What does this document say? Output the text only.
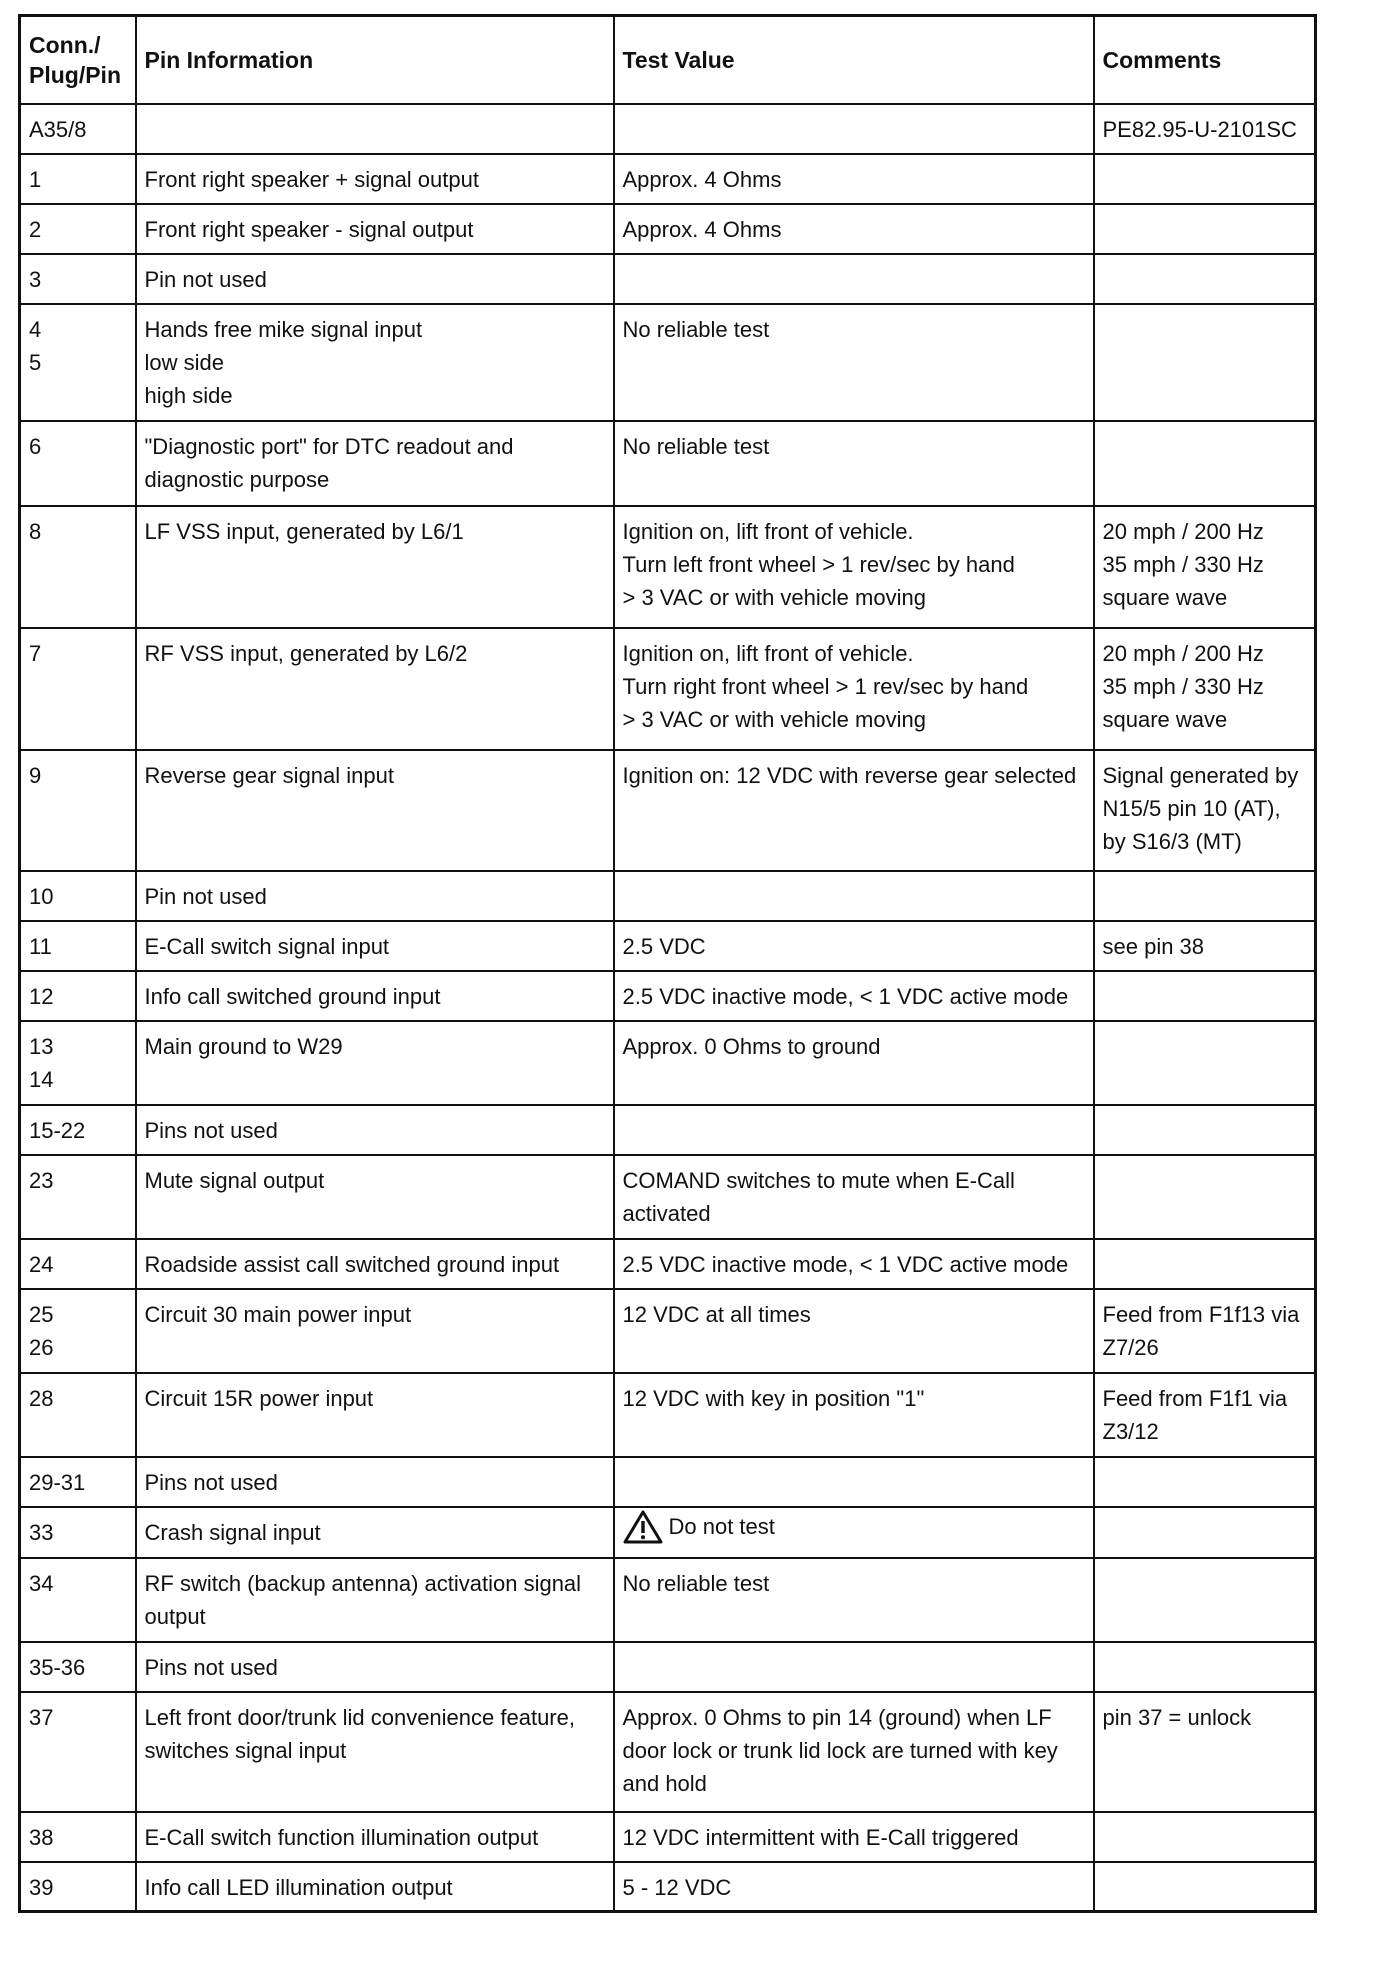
Conn./
Plug/Pin	Pin Information	Test Value	Comments

A35/8			PE82.95-U-2101SC

1	Front right speaker + signal output	Approx. 4 Ohms	

2	Front right speaker - signal output	Approx. 4 Ohms	

3	Pin not used		

4
5	Hands free mike signal input
low side
high side	No reliable test	

6	"Diagnostic port" for DTC readout and
diagnostic purpose	No reliable test	

8	LF VSS input, generated by L6/1	Ignition on, lift front of vehicle.
Turn left front wheel > 1 rev/sec by hand
> 3 VAC or with vehicle moving	20 mph / 200 Hz
35 mph / 330 Hz
square wave

7	RF VSS input, generated by L6/2	Ignition on, lift front of vehicle.
Turn right front wheel > 1 rev/sec by hand
> 3 VAC or with vehicle moving	20 mph / 200 Hz
35 mph / 330 Hz
square wave

9	Reverse gear signal input	Ignition on: 12 VDC with reverse gear selected	Signal generated by
N15/5 pin 10 (AT),
by S16/3 (MT)

10	Pin not used		

11	E-Call switch signal input	2.5 VDC	see pin 38

12	Info call switched ground input	2.5 VDC inactive mode, < 1 VDC active mode	

13
14	Main ground to W29	Approx. 0 Ohms to ground	

15-22	Pins not used		

23	Mute signal output	COMAND switches to mute when E-Call
activated	

24	Roadside assist call switched ground input	2.5 VDC inactive mode, < 1 VDC active mode	

25
26	Circuit 30 main power input	12 VDC at all times	Feed from F1f13 via
Z7/26

28	Circuit 15R power input	12 VDC with key in position "1"	Feed from F1f1 via
Z3/12

29-31	Pins not used		

33	Crash signal input	Do not test	

34	RF switch (backup antenna) activation signal
output	No reliable test	

35-36	Pins not used		

37	Left front door/trunk lid convenience feature,
switches signal input	Approx. 0 Ohms to pin 14 (ground) when LF
door lock or trunk lid lock are turned with key
and hold	pin 37 = unlock

38	E-Call switch function illumination output	12 VDC intermittent with E-Call triggered	

39	Info call LED illumination output	5 - 12 VDC	
